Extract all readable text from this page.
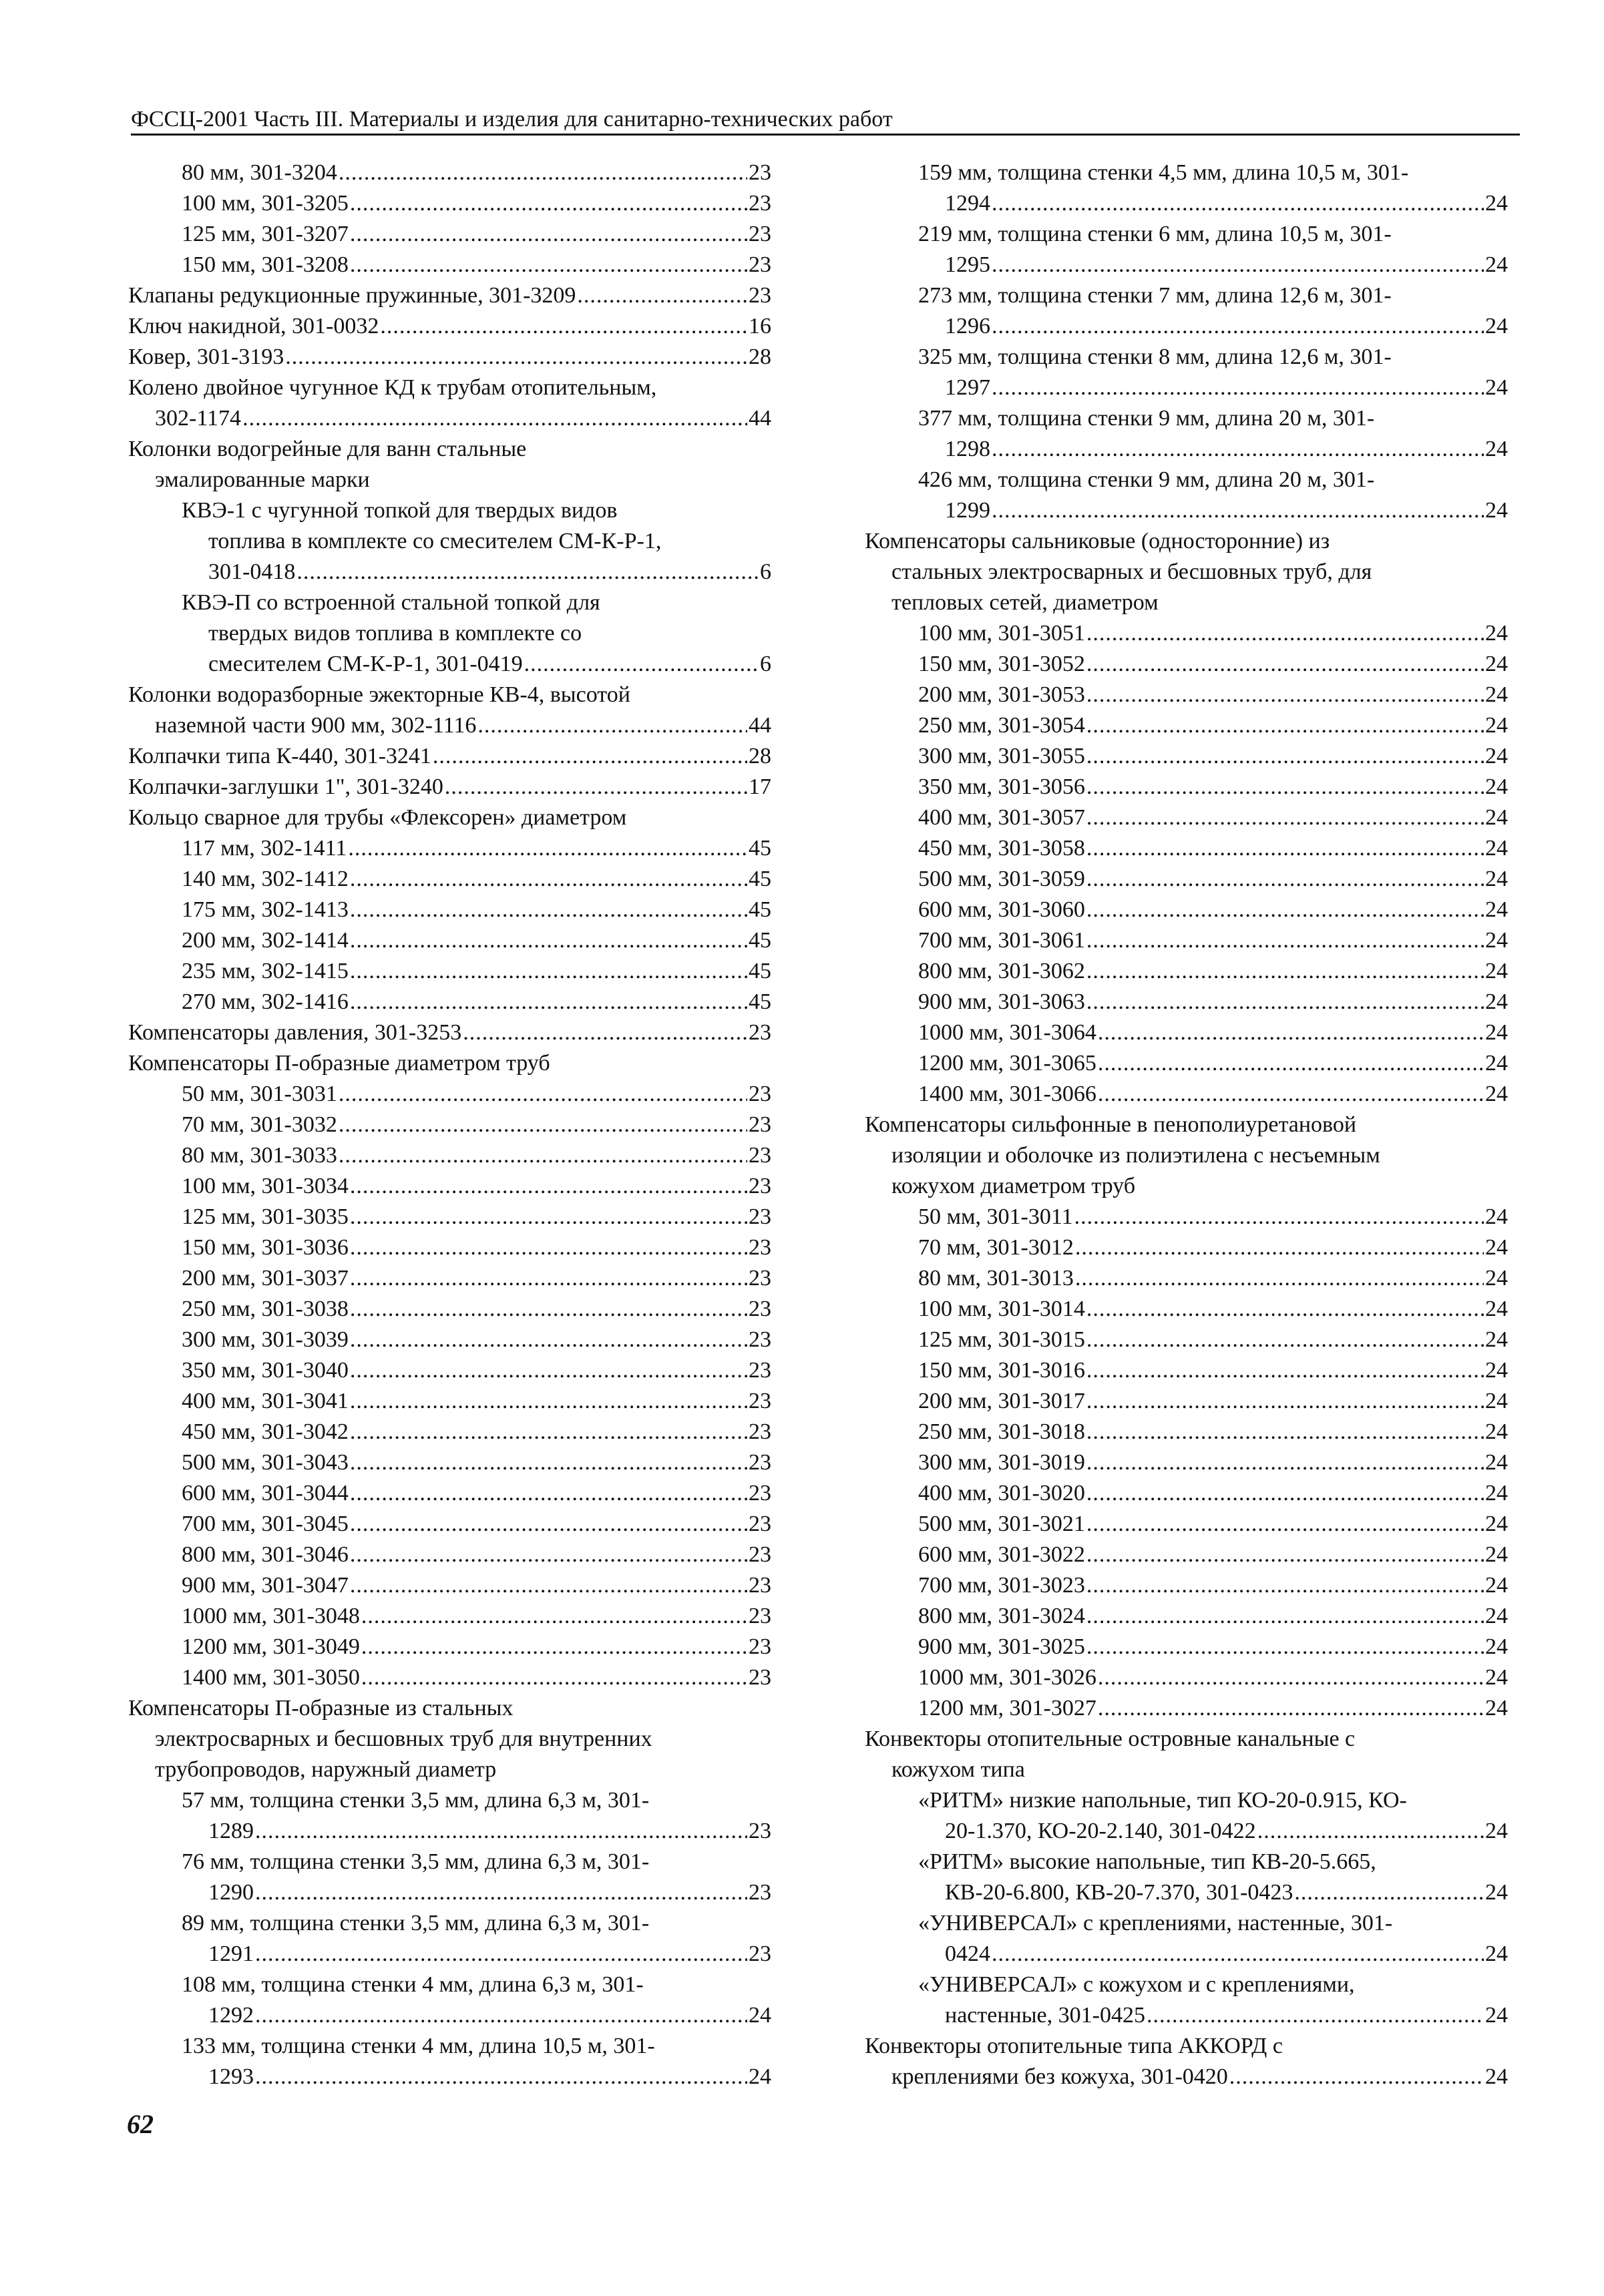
ФССЦ-2001 Часть III. Материалы и изделия для санитарно-технических работ
80 мм, 301-3204 .....	23
100 мм, 301-3205 .....	23
125 мм, 301-3207 .....	23
150 мм, 301-3208 .....	23
Клапаны редукционные пружинные, 301-3209 .....	23
Ключ накидной, 301-0032 .....	16
Ковер, 301-3193 .....	28
Колено двойное чугунное КД к трубам отопительным,
302-1174 .....	44
Колонки водогрейные для ванн стальные
эмалированные марки
КВЭ-1 с чугунной топкой для твердых видов
топлива в комплекте со смесителем СМ-К-Р-1,
301-0418 .....	6
КВЭ-П со встроенной стальной топкой для
твердых видов топлива в комплекте со
смесителем СМ-К-Р-1, 301-0419 .....	6
Колонки водоразборные эжекторные КВ-4, высотой
наземной части 900 мм, 302-1116 .....	44
Колпачки типа К-440, 301-3241 .....	28
Колпачки-заглушки 1", 301-3240 .....	17
Кольцо сварное для трубы «Флексорен» диаметром
117 мм, 302-1411 .....	45
140 мм, 302-1412 .....	45
175 мм, 302-1413 .....	45
200 мм, 302-1414 .....	45
235 мм, 302-1415 .....	45
270 мм, 302-1416 .....	45
Компенсаторы давления, 301-3253 .....	23
Компенсаторы П-образные диаметром труб
50 мм, 301-3031 .....	23
70 мм, 301-3032 .....	23
80 мм, 301-3033 .....	23
100 мм, 301-3034 .....	23
125 мм, 301-3035 .....	23
150 мм, 301-3036 .....	23
200 мм, 301-3037 .....	23
250 мм, 301-3038 .....	23
300 мм, 301-3039 .....	23
350 мм, 301-3040 .....	23
400 мм, 301-3041 .....	23
450 мм, 301-3042 .....	23
500 мм, 301-3043 .....	23
600 мм, 301-3044 .....	23
700 мм, 301-3045 .....	23
800 мм, 301-3046 .....	23
900 мм, 301-3047 .....	23
1000 мм, 301-3048 .....	23
1200 мм, 301-3049 .....	23
1400 мм, 301-3050 .....	23
Компенсаторы П-образные из стальных
электросварных и бесшовных труб для внутренних
трубопроводов, наружный диаметр
57 мм, толщина стенки 3,5 мм, длина 6,3 м, 301-
1289 .....	23
76 мм, толщина стенки 3,5 мм, длина 6,3 м, 301-
1290 .....	23
89 мм, толщина стенки 3,5 мм, длина 6,3 м, 301-
1291 .....	23
108 мм, толщина стенки 4 мм, длина 6,3 м, 301-
1292 .....	24
133 мм, толщина стенки 4 мм, длина 10,5 м, 301-
1293 .....	24
159 мм, толщина стенки 4,5 мм, длина 10,5 м, 301-
1294 .....	24
219 мм, толщина стенки 6 мм, длина 10,5 м, 301-
1295 .....	24
273 мм, толщина стенки 7 мм, длина 12,6 м, 301-
1296 .....	24
325 мм, толщина стенки 8 мм, длина 12,6 м, 301-
1297 .....	24
377 мм, толщина стенки 9 мм, длина 20 м, 301-
1298 .....	24
426 мм, толщина стенки 9 мм, длина 20 м, 301-
1299 .....	24
Компенсаторы сальниковые (односторонние) из
стальных электросварных и бесшовных труб, для
тепловых сетей, диаметром
100 мм, 301-3051 .....	24
150 мм, 301-3052 .....	24
200 мм, 301-3053 .....	24
250 мм, 301-3054 .....	24
300 мм, 301-3055 .....	24
350 мм, 301-3056 .....	24
400 мм, 301-3057 .....	24
450 мм, 301-3058 .....	24
500 мм, 301-3059 .....	24
600 мм, 301-3060 .....	24
700 мм, 301-3061 .....	24
800 мм, 301-3062 .....	24
900 мм, 301-3063 .....	24
1000 мм, 301-3064 .....	24
1200 мм, 301-3065 .....	24
1400 мм, 301-3066 .....	24
Компенсаторы сильфонные в пенополиуретановой
изоляции и оболочке из полиэтилена с несъемным
кожухом диаметром труб
50 мм, 301-3011 .....	24
70 мм, 301-3012 .....	24
80 мм, 301-3013 .....	24
100 мм, 301-3014 .....	24
125 мм, 301-3015 .....	24
150 мм, 301-3016 .....	24
200 мм, 301-3017 .....	24
250 мм, 301-3018 .....	24
300 мм, 301-3019 .....	24
400 мм, 301-3020 .....	24
500 мм, 301-3021 .....	24
600 мм, 301-3022 .....	24
700 мм, 301-3023 .....	24
800 мм, 301-3024 .....	24
900 мм, 301-3025 .....	24
1000 мм, 301-3026 .....	24
1200 мм, 301-3027 .....	24
Конвекторы отопительные островные канальные с
кожухом типа
«РИТМ» низкие напольные, тип КО-20-0.915, КО-
20-1.370, КО-20-2.140, 301-0422 .....	24
«РИТМ» высокие напольные, тип КВ-20-5.665,
КВ-20-6.800, КВ-20-7.370, 301-0423 .....	24
«УНИВЕРСАЛ» с креплениями, настенные, 301-
0424 .....	24
«УНИВЕРСАЛ» с кожухом и с креплениями,
настенные, 301-0425 .....	24
Конвекторы отопительные типа АККОРД с
креплениями без кожуха, 301-0420 .....	24
62
